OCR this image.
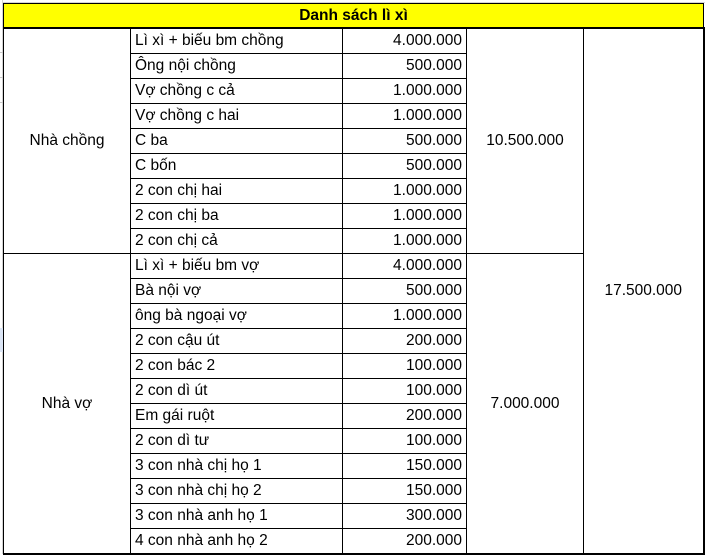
Danh sách lì xì				
Nhà chồng	Lì xì + biếu bm chồng	4.000.000	10.500.000	17.500.000
	Ông nội chồng	500.000		
	Vợ chồng c cả	1.000.000		
	Vợ chồng c hai	1.000.000		
	C ba	500.000		
	C bốn	500.000		
	2 con chị hai	1.000.000		
	2 con chị ba	1.000.000		
	2 con chị cả	1.000.000		
Nhà vợ	Lì xì + biếu bm vợ	4.000.000	7.000.000	
	Bà nội vợ	500.000		
	ông bà ngoại vợ	1.000.000		
	2 con cậu út	200.000		
	2 con bác 2	100.000		
	2 con dì út	100.000		
	Em gái ruột	200.000		
	2 con dì tư	100.000		
	3 con nhà chị họ 1	150.000		
	3 con nhà chị họ 2	150.000		
	3 con nhà anh họ 1	300.000		
	4 con nhà anh họ 2	200.000		
